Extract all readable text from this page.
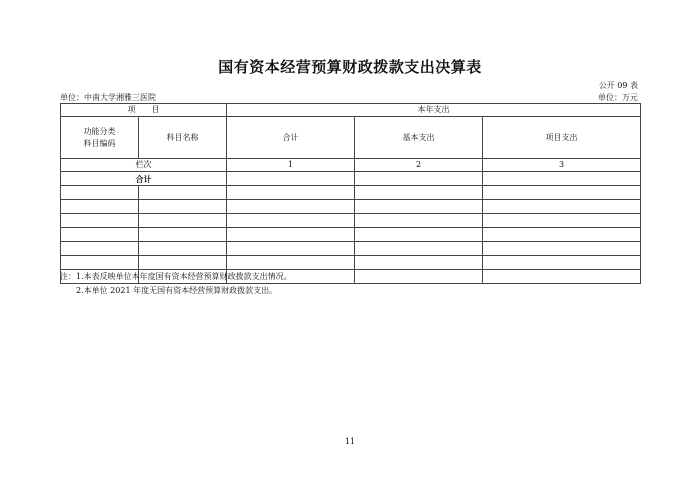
国有资本经营预算财政拨款支出决算表
公开 09 表
单位：中南大学湘雅三医院	单位：万元
项　　目		本年支出		
功能分类
科目编码	科目名称	合计	基本支出	项目支出
栏次		1	2	3
合计				

注：1.本表反映单位本年度国有资本经营预算财政拨款支出情况。
2.本单位 2021 年度无国有资本经营预算财政拨款支出。
11
